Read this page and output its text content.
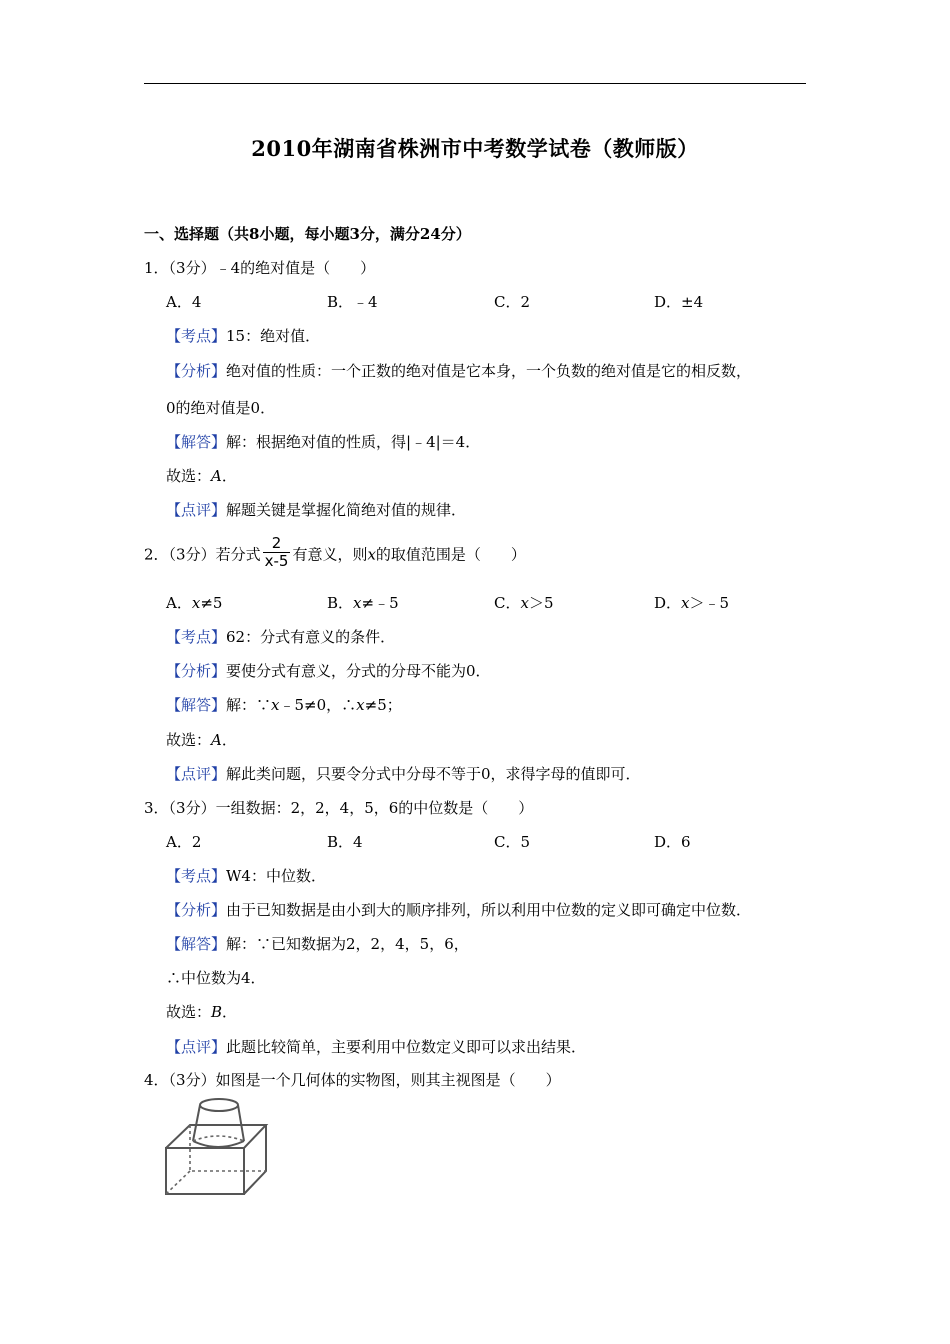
2010年湖南省株洲市中考数学试卷（教师版）
一、选择题（共8小题，每小题3分，满分24分）
1．（3分）﹣4的绝对值是（　　）
A．4	B．﹣4	C．2	D．±4
【考点】15：绝对值．
【分析】绝对值的性质：一个正数的绝对值是它本身，一个负数的绝对值是它的相反数，
0的绝对值是0．
【解答】解：根据绝对值的性质，得|﹣4|＝4．
故选：A．
【点评】解题关键是掌握化简绝对值的规律．
2．（3分）若分式 $\frac{2}{x-5}$ 有意义，则x的取值范围是（　　）
A．x≠5	B．x≠﹣5	C．x＞5	D．x＞﹣5
【考点】62：分式有意义的条件．
【分析】要使分式有意义，分式的分母不能为0．
【解答】解：∵x﹣5≠0，∴x≠5；
故选：A．
【点评】解此类问题，只要令分式中分母不等于0，求得字母的值即可．
3．（3分）一组数据：2，2，4，5，6的中位数是（　　）
A．2	B．4	C．5	D．6
【考点】W4：中位数．
【分析】由于已知数据是由小到大的顺序排列，所以利用中位数的定义即可确定中位数．
【解答】解：∵已知数据为2，2，4，5，6，
∴中位数为4．
故选：B．
【点评】此题比较简单，主要利用中位数定义即可以求出结果．
4．（3分）如图是一个几何体的实物图，则其主视图是（　　）
